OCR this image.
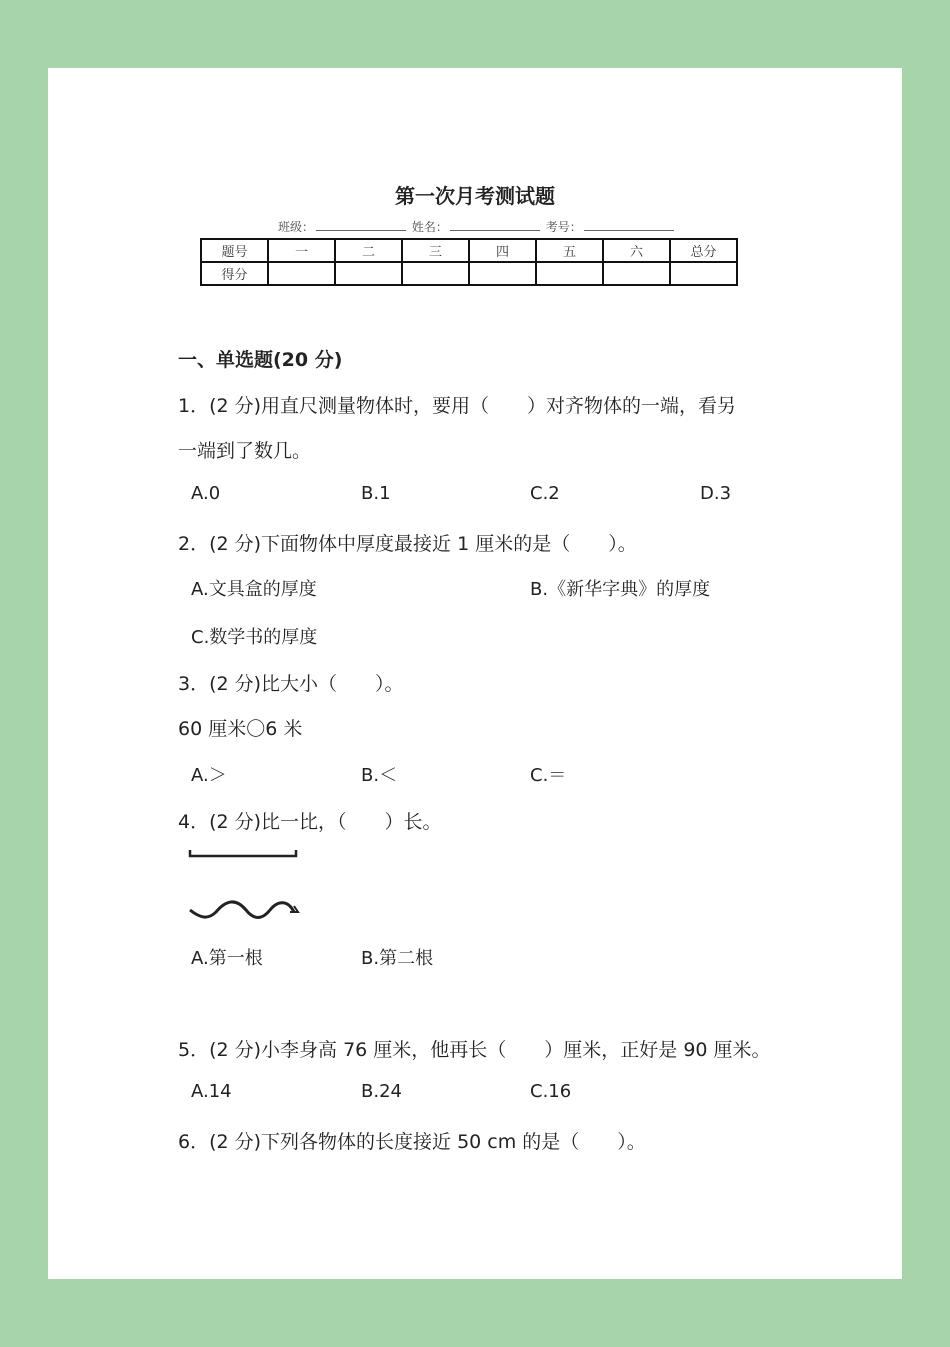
第一次月考测试题
班级：	姓名：	考号：
题号	一	二	三	四	五	六	总分
得分							
一、单选题(20 分)
1．(2 分)用直尺测量物体时，要用（　　）对齐物体的一端，看另
一端到了数几。
A.0	B.1	C.2	D.3
2．(2 分)下面物体中厚度最接近 1 厘米的是（　　）。
A.文具盒的厚度	B.《新华字典》的厚度
C.数学书的厚度
3．(2 分)比大小（　　）。
60 厘米〇6 米
A.＞	B.＜	C.＝
4．(2 分)比一比，（　　）长。
A.第一根	B.第二根
5．(2 分)小李身高 76 厘米，他再长（　　）厘米，正好是 90 厘米。
A.14	B.24	C.16
6．(2 分)下列各物体的长度接近 50 cm 的是（　　）。
